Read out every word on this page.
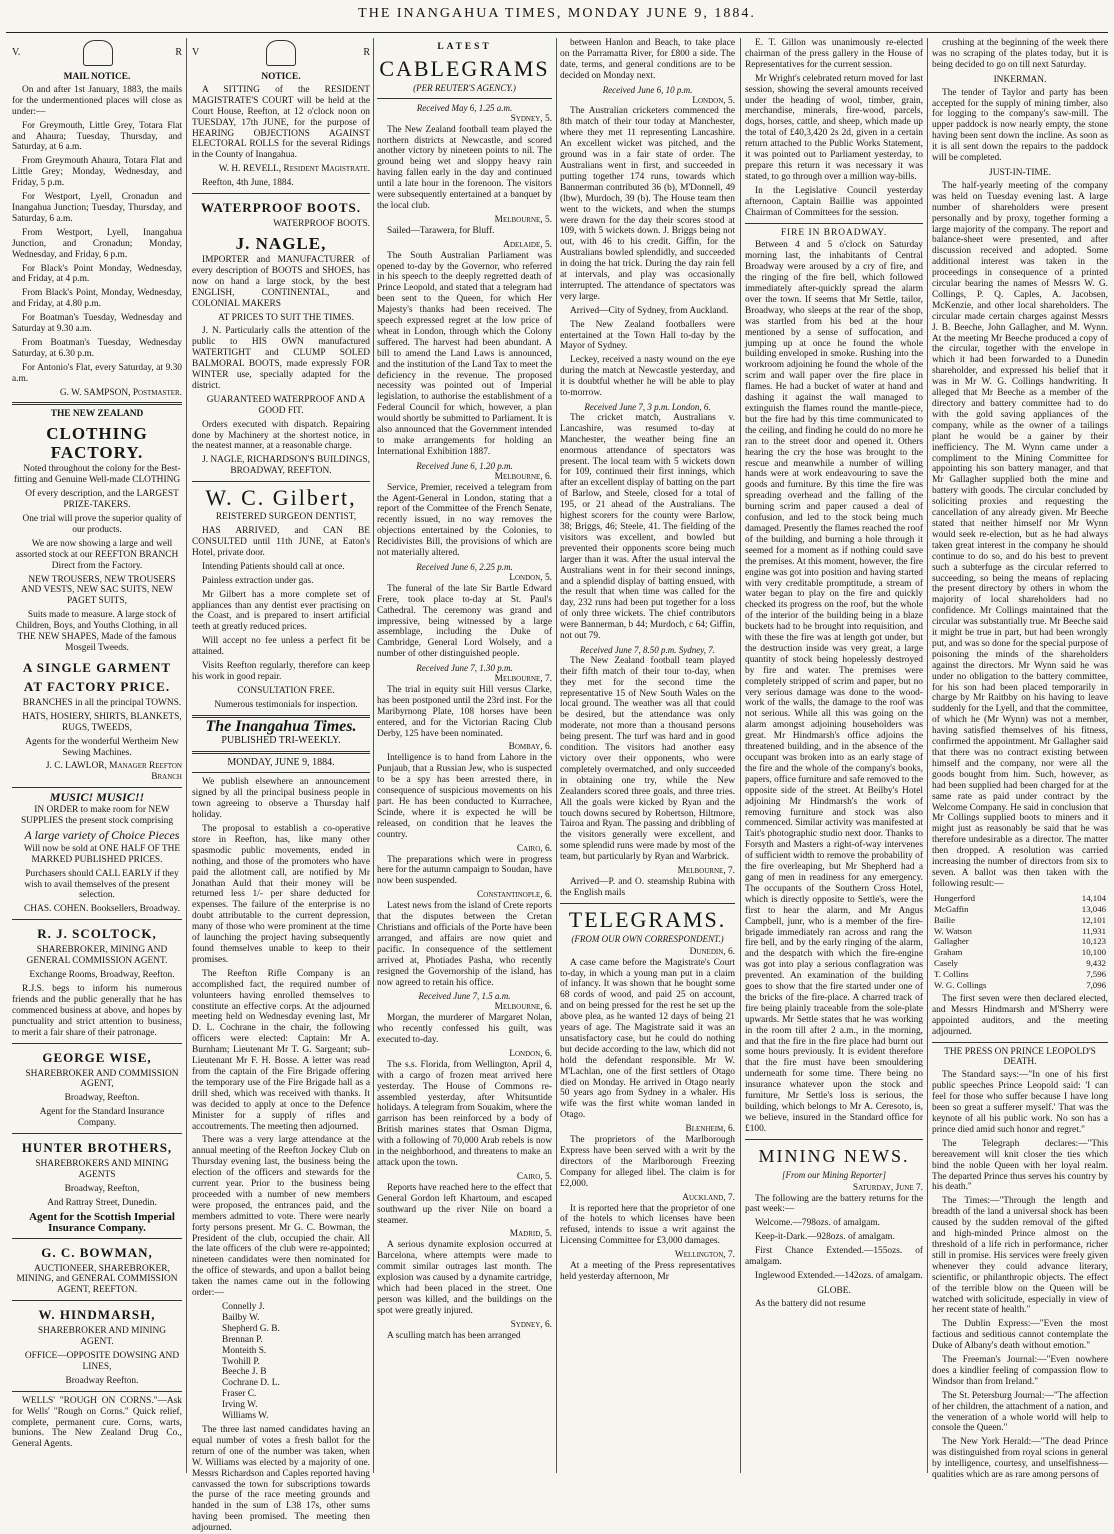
THE INANGAHUA TIMES, MONDAY JUNE 9, 1884.
V.	R
MAIL NOTICE.

On and after 1st January, 1883, the mails for the undermentioned places will close as under:—

For Greymouth, Little Grey, Totara Flat and Ahaura; Tuesday, Thursday, and Saturday, at 6 a.m.

From Greymouth Ahaura, Totara Flat and Little Grey; Monday, Wednesday, and Friday, 5 p.m.

For Westport, Lyell, Cronadun and Inangahua Junction; Tuesday, Thursday, and Saturday, 6 a.m.

From Westport, Lyell, Inangahua Junction, and Cronadun; Monday, Wednesday, and Friday, 6 p.m.

For Black's Point Monday, Wednesday, and Friday, at 4 p.m.

From Black's Point, Monday, Wednesday, and Friday, at 4.80 p.m.

For Boatman's Tuesday, Wednesday and Saturday at 9.30 a.m.

From Boatman's Tuesday, Wednesday Saturday, at 6.30 p.m.

For Antonio's Flat, every Saturday, at 9.30 a.m.

G. W. SAMPSON, Postmaster.
THE NEW ZEALAND
CLOTHING FACTORY.

Noted throughout the colony for the Best-fitting and Genuine Well-made CLOTHING

Of every description, and the LARGEST PRIZE-TAKERS.

One trial will prove the superior quality of our products.

We are now showing a large and well assorted stock at our REEFTON BRANCH Direct from the Factory.

NEW TROUSERS, NEW TROUSERS AND VESTS, NEW SAC SUITS, NEW PAGET SUITS,

Suits made to measure. A large stock of Children, Boys, and Youths Clothing, in all THE NEW SHAPES, Made of the famous Mosgeil Tweeds.

A SINGLE GARMENT AT FACTORY PRICE.

BRANCHES in all the principal TOWNS.

HATS, HOSIERY, SHIRTS, BLANKETS, RUGS, TWEEDS,

Agents for the wonderful Wertheim New Sewing Machines.

J. C. LAWLOR, Manager Reefton Branch

MUSIC! MUSIC!!

IN ORDER to make room for NEW SUPPLIES the present stock comprising

A large variety of Choice Pieces

Will now be sold at ONE HALF OF THE MARKED PUBLISHED PRICES.

Purchasers should CALL EARLY if they wish to avail themselves of the present selection.

CHAS. COHEN. Booksellers, Broadway.

R. J. SCOLTOCK,

SHAREBROKER, MINING AND GENERAL COMMISSION AGENT.

Exchange Rooms, Broadway, Reefton.

R.J.S. begs to inform his numerous friends and the public generally that he has commenced business at above, and hopes by punctuality and strict attention to business, to merit a fair share of their patronage.

GEORGE WISE,

SHAREBROKER AND COMMISSION AGENT,

Broadway, Reefton.

Agent for the Standard Insurance Company.

HUNTER BROTHERS,

SHAREBROKERS AND MINING AGENTS

Broadway, Reefton,

And Rattray Street, Dunedin.

Agent for the Scottish Imperial Insurance Company.

G. C. BOWMAN,

AUCTIONEER, SHAREBROKER, MINING, and GENERAL COMMISSION AGENT, REEFTON.

W. HINDMARSH,

SHAREBROKER AND MINING AGENT.

OFFICE—OPPOSITE DOWSING AND LINES,

Broadway Reefton.

WELLS' "ROUGH ON CORNS."—Ask for Wells' "Rough on Corns." Quick relief, complete, permanent cure. Corns, warts, bunions. The New Zealand Drug Co., General Agents.

V	R
NOTICE.

A SITTING of the RESIDENT MAGISTRATE'S COURT will be held at the Court House, Reefton, at 12 o'clock noon on TUESDAY, 17th JUNE, for the purpose of HEARING OBJECTIONS AGAINST ELECTORAL ROLLS for the several Ridings in the County of Inangahua.

W. H. REVELL, Resident Magistrate.

Reefton, 4th June, 1884.

WATERPROOF BOOTS.
WATERPROOF BOOTS.
J. NAGLE,

IMPORTER and MANUFACTURER of every description of BOOTS and SHOES, has now on hand a large stock, by the best ENGLISH, CONTINENTAL, and COLONIAL MAKERS

AT PRICES TO SUIT THE TIMES.

J. N. Particularly calls the attention of the public to HIS OWN manufactured WATERTIGHT and CLUMP SOLED BALMORAL BOOTS, made expressly FOR WINTER use, specially adapted for the district.

GUARANTEED WATERPROOF AND A GOOD FIT.

Orders executed with dispatch. Repairing done by Machinery at the shortest notice, in the neatest manner, at a reasonable charge.

J. NAGLE, RICHARDSON'S BUILDINGS, BROADWAY, REEFTON.

W. C. Gilbert,

REISTERED SURGEON DENTIST,

HAS ARRIVED, and CAN BE CONSULTED until 11th JUNE, at Eaton's Hotel, private door.

Intending Patients should call at once.

Painless extraction under gas.

Mr Gilbert has a more complete set of appliances than any dentist ever practising on the Coast, and is prepared to insert artificial teeth at greatly reduced prices.

Will accept no fee unless a perfect fit be attained.

Visits Reefton regularly, therefore can keep his work in good repair.

CONSULTATION FREE.

Numerous testimonials for inspection.

The Inangahua Times.
PUBLISHED TRI-WEEKLY.
MONDAY, JUNE 9, 1884.

We publish elsewhere an announcement signed by all the principal business people in town agreeing to observe a Thursday half holiday.

The proposal to establish a co-operative store in Reefton, has, like many other spasmodic public movements, ended in nothing, and those of the promoters who have paid the allotment call, are notified by Mr Jonathan Auld that their money will be returned less 1/- per share deducted for expenses. The failure of the enterprise is no doubt attributable to the current depression, many of those who were prominent at the time of launching the project having subsequently found themselves unable to keep to their promises.

The Reefton Rifle Company is an accomplished fact, the required number of volunteers having enrolled themselves to constitute an effective corps. At the adjourned meeting held on Wednesday evening last, Mr D. L. Cochrane in the chair, the following officers were elected: Captain: Mr A. Burnham; Lieutenant Mr T. G. Sargeant; sub-Lieutenant Mr F. H. Bosse. A letter was read from the captain of the Fire Brigade offering the temporary use of the Fire Brigade hall as a drill shed, which was received with thanks. It was decided to apply at once to the Defence Minister for a supply of rifles and accoutrements. The meeting then adjourned.

There was a very large attendance at the annual meeting of the Reefton Jockey Club on Thursday evening last, the business being the election of the officers and stewards for the current year. Prior to the business being proceeded with a number of new members were proposed, the entrances paid, and the members admitted to vote. There were nearly forty persons present. Mr G. C. Bowman, the President of the club, occupied the chair. All the late officers of the club were re-appointed; nineteen candidates were then nominated for the office of stewards, and upon a ballot being taken the names came out in the following order:—

Connelly J.
Bailby W.
Shepherd G. B.
Brennan P.
Monteith S.
Twohill P.
Beeche J. B
Cochrane D. L.
Fraser C.
Irving W.
Williams W.

The three last named candidates having an equal number of votes a fresh ballot for the return of one of the number was taken, when W. Williams was elected by a majority of one. Messrs Richardson and Caples reported having canvassed the town for subscriptions towards the purse of the race meeting grounds and handed in the sum of L38 17s, other sums having been promised. The meeting then adjourned.

LATEST
CABLEGRAMS
(PER REUTER'S AGENCY.)
Received May 6, 1.25 a.m.
Sydney, 5.

The New Zealand football team played the northern districts at Newcastle, and scored another victory by nineteen points to nil. The ground being wet and sloppy heavy rain having fallen early in the day and continued until a late hour in the forenoon. The visitors were subsequently entertained at a banquet by the local club.

Melbourne, 5.

Sailed—Tarawera, for Bluff.

Adelaide, 5.

The South Australian Parliament was opened to-day by the Governor, who referred in his speech to the deeply regretted death of Prince Leopold, and stated that a telegram had been sent to the Queen, for which Her Majesty's thanks had been received. The speech expressed regret at the low price of wheat in London, through which the Colony suffered. The harvest had been abundant. A bill to amend the Land Laws is announced, and the institution of the Land Tax to meet the deficiency in the revenue. The proposed necessity was pointed out of Imperial legislation, to authorise the establishment of a Federal Council for which, however, a plan would shortly be submitted to Parliament. It is also announced that the Government intended to make arrangements for holding an International Exhibition 1887.

Received June 6, 1.20 p.m.
Melbourne, 6.

Service, Premier, received a telegram from the Agent-General in London, stating that a report of the Committee of the French Senate, recently issued, in no way removes the objections entertained by the Colonies, to Recidivistes Bill, the provisions of which are not materially altered.

Received June 6, 2.25 p.m.
London, 5.

The funeral of the late Sir Bartle Edward Frere, took place to-day at St. Paul's Cathedral. The ceremony was grand and impressive, being witnessed by a large assemblage, including the Duke of Cambridge, General Lord Wolsely, and a number of other distinguished people.

Received June 7, 1.30 p.m.
Melbourne, 7.

The trial in equity suit Hill versus Clarke, has been postponed until the 23rd inst. For the Maribyrnong Plate, 108 horses have been entered, and for the Victorian Racing Club Derby, 125 have been nominated.

Bombay, 6.

Intelligence is to hand from Lahore in the Punjaub, that a Russian Jew, who is suspected to be a spy has been arrested there, in consequence of suspicious movements on his part. He has been conducted to Kurrachee, Scinde, where it is expected he will be released, on condition that he leaves the country.

Cairo, 6.

The preparations which were in progress here for the autumn campaign to Soudan, have now been suspended.

Constantinople, 6.

Latest news from the island of Crete reports that the disputes between the Cretan Christians and officials of the Porte have been arranged, and affairs are now quiet and pacific. In consequence of the settlement arrived at, Photiades Pasha, who recently resigned the Governorship of the island, has now agreed to retain his office.

Received June 7, 1.5 a.m.
Melbourne, 6.

Morgan, the murderer of Margaret Nolan, who recently confessed his guilt, was executed to-day.

London, 6.

The s.s. Florida, from Wellington, April 4, with a cargo of frozen meat arrived here yesterday. The House of Commons re-assembled yesterday, after Whitsuntide holidays. A telegram from Souakim, where the garrison has been reinforced by a body of British marines states that Osman Digma, with a following of 70,000 Arab rebels is now in the neighborhood, and threatens to make an attack upon the town.

Cairo, 5.

Reports have reached here to the effect that General Gordon left Khartoum, and escaped southward up the river Nile on board a steamer.

Madrid, 5.

A serious dynamite explosion occurred at Barcelona, where attempts were made to commit similar outrages last month. The explosion was caused by a dynamite cartridge, which had been placed in the street. One person was killed, and the buildings on the spot were greatly injured.

Sydney, 6.

A sculling match has been arranged

between Hanlon and Beach, to take place on the Parramatta River, for £800 a side. The date, terms, and general conditions are to be decided on Monday next.

Received June 6, 10 p.m.
London, 5.

The Australian cricketers commenced the 8th match of their tour today at Manchester, where they met 11 representing Lancashire. An excellent wicket was pitched, and the ground was in a fair state of order. The Australians went in first, and succeeded in putting together 174 runs, towards which Bannerman contributed 36 (b), M'Donnell, 49 (lbw), Murdoch, 39 (b). The House team then went to the wickets, and when the stumps were drawn for the day their scores stood at 109, with 5 wickets down. J. Briggs being not out, with 46 to his credit. Giffin, for the Australians bowled splendidly, and succeeded in doing the hat trick. During the day rain fell at intervals, and play was occasionally interrupted. The attendance of spectators was very large.

Arrived—City of Sydney, from Auckland.

The New Zealand footballers were entertained at the Town Hall to-day by the Mayor of Sydney.

Leckey, received a nasty wound on the eye during the match at Newcastle yesterday, and it is doubtful whether he will be able to play to-morrow.

Received June 7, 3 p.m. London, 6.

The cricket match, Australians v. Lancashire, was resumed to-day at Manchester, the weather being fine an enormous attendance of spectators was present. The local team with 5 wickets down for 109, continued their first innings, which after an excellent display of batting on the part of Barlow, and Steele, closed for a total of 195, or 21 ahead of the Australians. The highest scorers for the county were Barlow, 38; Briggs, 46; Steele, 41. The fielding of the visitors was excellent, and bowled but prevented their opponents score being much larger than it was. After the usual interval the Australians went in for their second innings, and a splendid display of batting ensued, with the result that when time was called for the day, 232 runs had been put together for a loss of only three wickets. The chief contributors were Bannerman, b 44; Murdoch, c 64; Giffin, not out 79.

Received June 7, 8.50 p.m. Sydney, 7.

The New Zealand football team played their fifth match of their tour to-day, when they met for the second time the representative 15 of New South Wales on the local ground. The weather was all that could be desired, but the attendance was only moderate, not more than a thousand persons being present. The turf was hard and in good condition. The visitors had another easy victory over their opponents, who were completely overmatched, and only succeeded in obtaining one try, while the New Zealanders scored three goals, and three tries. All the goals were kicked by Ryan and the touch downs secured by Robertson, Hiltmore, Tairoa and Ryan. The passing and dribbling of the visitors generally were excellent, and some splendid runs were made by most of the team, but particularly by Ryan and Warbrick.

Melbourne, 7.

Arrived—P. and O. steamship Rubina with the English mails

TELEGRAMS.
(FROM OUR OWN CORRESPONDENT.)
Dunedin, 6.

A case came before the Magistrate's Court to-day, in which a young man put in a claim of infancy. It was shown that he bought some 68 cords of wood, and paid 25 on account, and on being pressed for the rest he set up the above plea, as he wanted 12 days of being 21 years of age. The Magistrate said it was an unsatisfactory case, but he could do nothing but decide according to the law, which did not hold the defendant responsible. Mr W. M'Lachlan, one of the first settlers of Otago died on Monday. He arrived in Otago nearly 50 years ago from Sydney in a whaler. His wife was the first white woman landed in Otago.

Blenheim, 6.

The proprietors of the Marlborough Express have been served with a writ by the directors of the Marlborough Freezing Company for alleged libel. The claim is for £2,000.

Auckland, 7.

It is reported here that the proprietor of one of the hotels to which licenses have been refused, intends to issue a writ against the Licensing Committee for £3,000 damages.

Wellington, 7.

At a meeting of the Press representatives held yesterday afternoon, Mr

E. T. Gillon was unanimously re-elected chairman of the press gallery in the House of Representatives for the current session.

Mr Wright's celebrated return moved for last session, showing the several amounts received under the heading of wool, timber, grain, merchandise, minerals, fire-wood, parcels, dogs, horses, cattle, and sheep, which made up the total of £40,3,420 2s 2d, given in a certain return attached to the Public Works Statement, it was pointed out to Parliament yesterday, to prepare this return it was necessary it was stated, to go through over a million way-bills.

In the Legislative Council yesterday afternoon, Captain Baillie was appointed Chairman of Committees for the session.

FIRE IN BROADWAY.

Between 4 and 5 o'clock on Saturday morning last, the inhabitants of Central Broadway were aroused by a cry of fire, and the ringing of the fire bell, which followed immediately after-quickly spread the alarm over the town. If seems that Mr Settle, tailor, Broadway, who sleeps at the rear of the shop, was startled from his bed at the hour mentioned by a sense of suffocation, and jumping up at once he found the whole building enveloped in smoke. Rushing into the workroom adjoining he found the whole of the scrim and wall paper over the fire place in flames. He had a bucket of water at hand and dashing it against the wall managed to extinguish the flames round the mantle-piece, but the fire had by this time communicated to the ceiling, and finding he could do no more he ran to the street door and opened it. Others hearing the cry the hose was brought to the rescue and meanwhile a number of willing hands were at work endeavouring to save the goods and furniture. By this time the fire was spreading overhead and the falling of the burning scrim and paper caused a deal of confusion, and led to the stock being much damaged. Presently the flames reached the roof of the building, and burning a hole through it seemed for a moment as if nothing could save the premises. At this moment, however, the fire engine was got into position and having started with very creditable promptitude, a stream of water began to play on the fire and quickly checked its progress on the roof, but the whole of the interior of the building being in a blaze buckets had to be brought into requisition, and with these the fire was at length got under, but the destruction inside was very great, a large quantity of stock being hopelessly destroyed by fire and water. The premises were completely stripped of scrim and paper, but no very serious damage was done to the wood-work of the walls, the damage to the roof was not serious. While all this was going on the alarm amongst adjoining householders was great. Mr Hindmarsh's office adjoins the threatened building, and in the absence of the occupant was broken into as an early stage of the fire and the whole of the company's books, papers, office furniture and safe removed to the opposite side of the street. At Beilby's Hotel adjoining Mr Hindmarsh's the work of removing furniture and stock was also commenced. Similar activity was manifested at Tait's photographic studio next door. Thanks to Forsyth and Masters a right-of-way intervenes of sufficient width to remove the probability of the fire overleaping, but Mr Shepherd had a gang of men in readiness for any emergency. The occupants of the Southern Cross Hotel, which is directly opposite to Settle's, were the first to hear the alarm, and Mr Angus Campbell, junr, who is a member of the fire-brigade immediately ran across and rang the fire bell, and by the early ringing of the alarm, and the despatch with which the fire-engine was got into play a serious conflagration was prevented. An examination of the building goes to show that the fire started under one of the bricks of the fire-place. A charred track of fire being plainly traceable from the sole-plate upwards. Mr Settle states that he was working in the room till after 2 a.m., in the morning, and that the fire in the fire place had burnt out some hours previously. It is evident therefore that the fire must have been smouldering underneath for some time. There being no insurance whatever upon the stock and furniture, Mr Settle's loss is serious, the building, which belongs to Mr A. Ceresoto, is, we believe, insured in the Standard office for £100.

MINING NEWS.
[From our Mining Reporter]
Saturday, June 7.

The following are the battery returns for the past week:—

Welcome.—798ozs. of amalgam.

Keep-it-Dark.—928ozs. of amalgam.

First Chance Extended.—155ozs. of amalgam.

Inglewood Extended.—142ozs. of amalgam.

GLOBE.

As the battery did not resume

crushing at the beginning of the week there was no scraping of the plates today, but it is being decided to go on till next Saturday.

INKERMAN.

The tender of Taylor and party has been accepted for the supply of mining timber, also for logging to the company's saw-mill. The upper paddock is now nearly empty, the stone having been sent down the incline. As soon as it is all sent down the repairs to the paddock will be completed.

JUST-IN-TIME.

The half-yearly meeting of the company was held on Tuesday evening last. A large number of shareholders were present personally and by proxy, together forming a large majority of the company. The report and balance-sheet were presented, and after discussion received and adopted. Some additional interest was taken in the proceedings in consequence of a printed circular bearing the names of Messrs W. G. Collings, P. Q. Caples, A. Jacobsen, McKenzie, and other local shareholders. The circular made certain charges against Messrs J. B. Beeche, John Gallagher, and M. Wynn. At the meeting Mr Beeche produced a copy of the circular, together with the envelope in which it had been forwarded to a Dunedin shareholder, and expressed his belief that it was in Mr W. G. Collings handwriting. It alleged that Mr Beeche as a member of the directory and battery committee had to do with the gold saving appliances of the company, while as the owner of a tailings plant he would be a gainer by their inefficiency. The M. Wynn came under a compliment to the Mining Committee for appointing his son battery manager, and that Mr Gallagher supplied both the mine and battery with goods. The circular concluded by soliciting proxies and requesting the cancellation of any already given. Mr Beeche stated that neither himself nor Mr Wynn would seek re-election, but as he had always taken great interest in the company he should continue to do so, and do his best to prevent such a subterfuge as the circular referred to succeeding, so being the means of replacing the present directory by others in whom the majority of local shareholders had no confidence. Mr Collings maintained that the circular was substantially true. Mr Beeche said it might be true in part, but had been wrongly put, and was so done for the special purpose of poisoning the minds of the shareholders against the directors. Mr Wynn said he was under no obligation to the battery committee, for his son had been placed temporarily in charge by Mr Raitbby on his having to leave suddenly for the Lyell, and that the committee, of which he (Mr Wynn) was not a member, having satisfied themselves of his fitness, confirmed the appointment. Mr Gallagher said that there was no contract existing between himself and the company, nor were all the goods bought from him. Such, however, as had been supplied had been charged for at the same rate as paid under contract by the Welcome Company. He said in conclusion that Mr Collings supplied boots to miners and it might just as reasonably be said that he was therefore undesirable as a director. The matter then dropped. A resolution was carried increasing the number of directors from six to seven. A ballot was then taken with the following result:—

Hungerford	14,104
McGaffin	13,046
Bailie	12,101
W. Watson	11,931
Gallagher	10,123
Graham	10,100
Casely	9,432
T. Collins	7,596
W. G. Collings	7,096

The first seven were then declared elected, and Messrs Hindmarsh and M'Sherry were appointed auditors, and the meeting adjourned.

THE PRESS ON PRINCE LEOPOLD'S DEATH.

The Standard says:—"In one of his first public speeches Prince Leopold said: 'I can feel for those who suffer because I have long been so great a sufferer myself.' That was the keynote of all his public work. No son has a prince died amid such honor and regret."

The Telegraph declares:—"This bereavement will knit closer the ties which bind the noble Queen with her loyal realm. The departed Prince thus serves his country by his death."

The Times:—"Through the length and breadth of the land a universal shock has been caused by the sudden removal of the gifted and high-minded Prince almost on the threshold of a life rich in performance, richer still in promise. His services were freely given whenever they could advance literary, scientific, or philanthropic objects. The effect of the terrible blow on the Queen will be watched with solicitude, especially in view of her recent state of health."

The Dublin Express:—"Even the most factious and seditious cannot contemplate the Duke of Albany's death without emotion."

The Freeman's Journal:—"Even nowhere does a kindlier feeling of compassion flow to Windsor than from Ireland."

The St. Petersburg Journal:—"The affection of her children, the attachment of a nation, and the veneration of a whole world will help to console the Queen."

The New York Herald:—"The dead Prince was distinguished from royal scions in general by intelligence, courtesy, and unselfishness—qualities which are as rare among persons of
